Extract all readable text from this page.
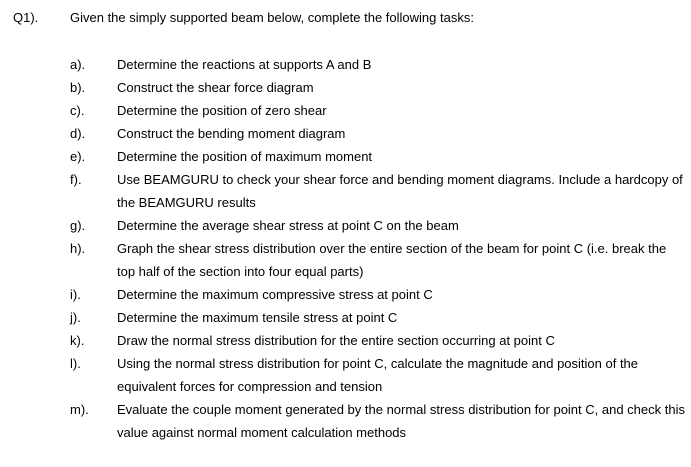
Q1). Given the simply supported beam below, complete the following tasks:
a). Determine the reactions at supports A and B
b). Construct the shear force diagram
c).	Determine the position of zero shear
d). Construct the bending moment diagram
e). Determine the position of maximum moment
f).	Use BEAMGURU to check your shear force and bending moment diagrams. Include a hardcopy of the BEAMGURU results
g). Determine the average shear stress at point C on the beam
h). Graph the shear stress distribution over the entire section of the beam for point C (i.e. break the top half of the section into four equal parts)
i).	Determine the maximum compressive stress at point C
j).	Determine the maximum tensile stress at point C
k).	Draw the normal stress distribution for the entire section occurring at point C
l).	Using the normal stress distribution for point C, calculate the magnitude and position of the equivalent forces for compression and tension
m). Evaluate the couple moment generated by the normal stress distribution for point C, and check this value against normal moment calculation methods
